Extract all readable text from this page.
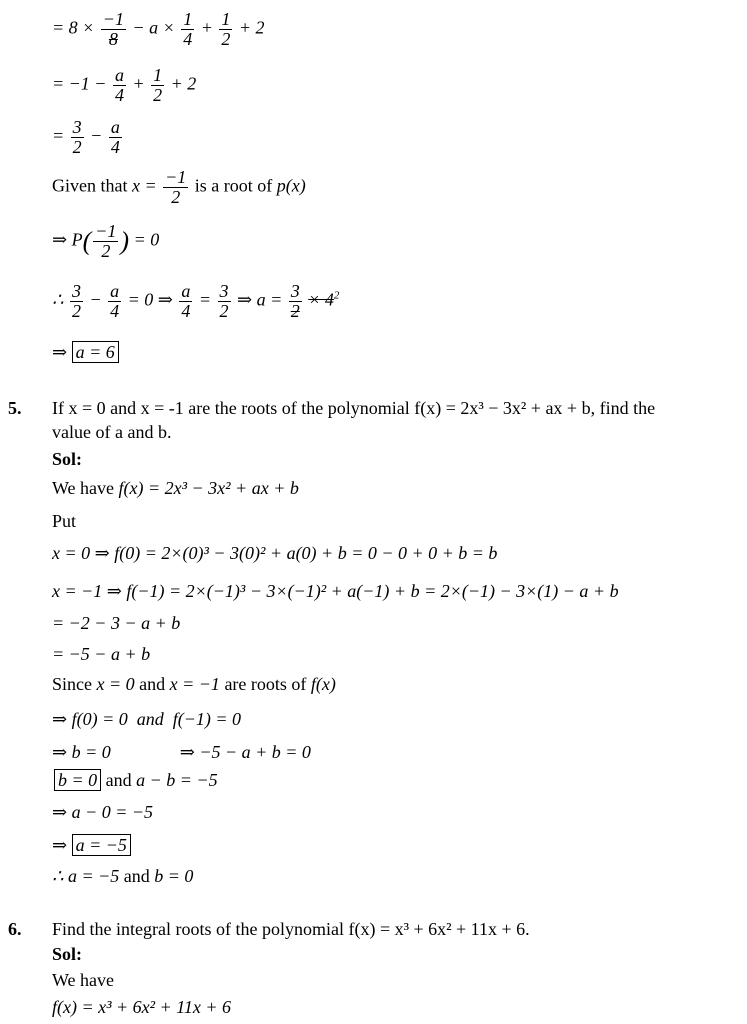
= $8 \times \frac{-1}{8} - a \times \frac{1}{4} + \frac{1}{2} + 2$
= $-1 - \frac{a}{4} + \frac{1}{2} + 2$
= $\frac{3}{2} - \frac{a}{4}$
Given that $x = \frac{-1}{2}$ is a root of p(x)
⇒ $P( \frac{-1}{2}$ ) = 0
∴ $\frac{3}{2} - \frac{a}{4} = 0$ ⇒ $\frac{a}{4} = \frac{3}{2}$ ⇒ $a = \frac{3}{2} \times 4^2$
⇒ a = 6
5. If x = 0 and x = -1 are the roots of the polynomial f(x) = 2x³ − 3x² + ax + b, find the
value of a and b.
Sol:
We have f(x) = 2x³ − 3x² + ax + b
Put
x = 0 ⇒ f(0) = 2×(0)³ − 3(0)² + a(0) + b = 0 − 0 + 0 + b = b
x = −1 ⇒ f(−1) = 2×(−1)³ − 3×(−1)² + a(−1) + b = 2×(−1) − 3×(1) − a + b
= −2 − 3 − a + b
= −5 − a + b
Since x = 0 and x = −1 are roots of f(x)
⇒ f(0) = 0 and f(−1) = 0
⇒ b = 0	⇒ −5 − a + b = 0
b = 0 and a − b = −5
⇒ a − 0 = −5
⇒ a = −5
∴ a = −5 and b = 0
6. Find the integral roots of the polynomial f(x) = x³ + 6x² + 11x + 6.
Sol:
We have
f(x) = x³ + 6x² + 11x + 6
